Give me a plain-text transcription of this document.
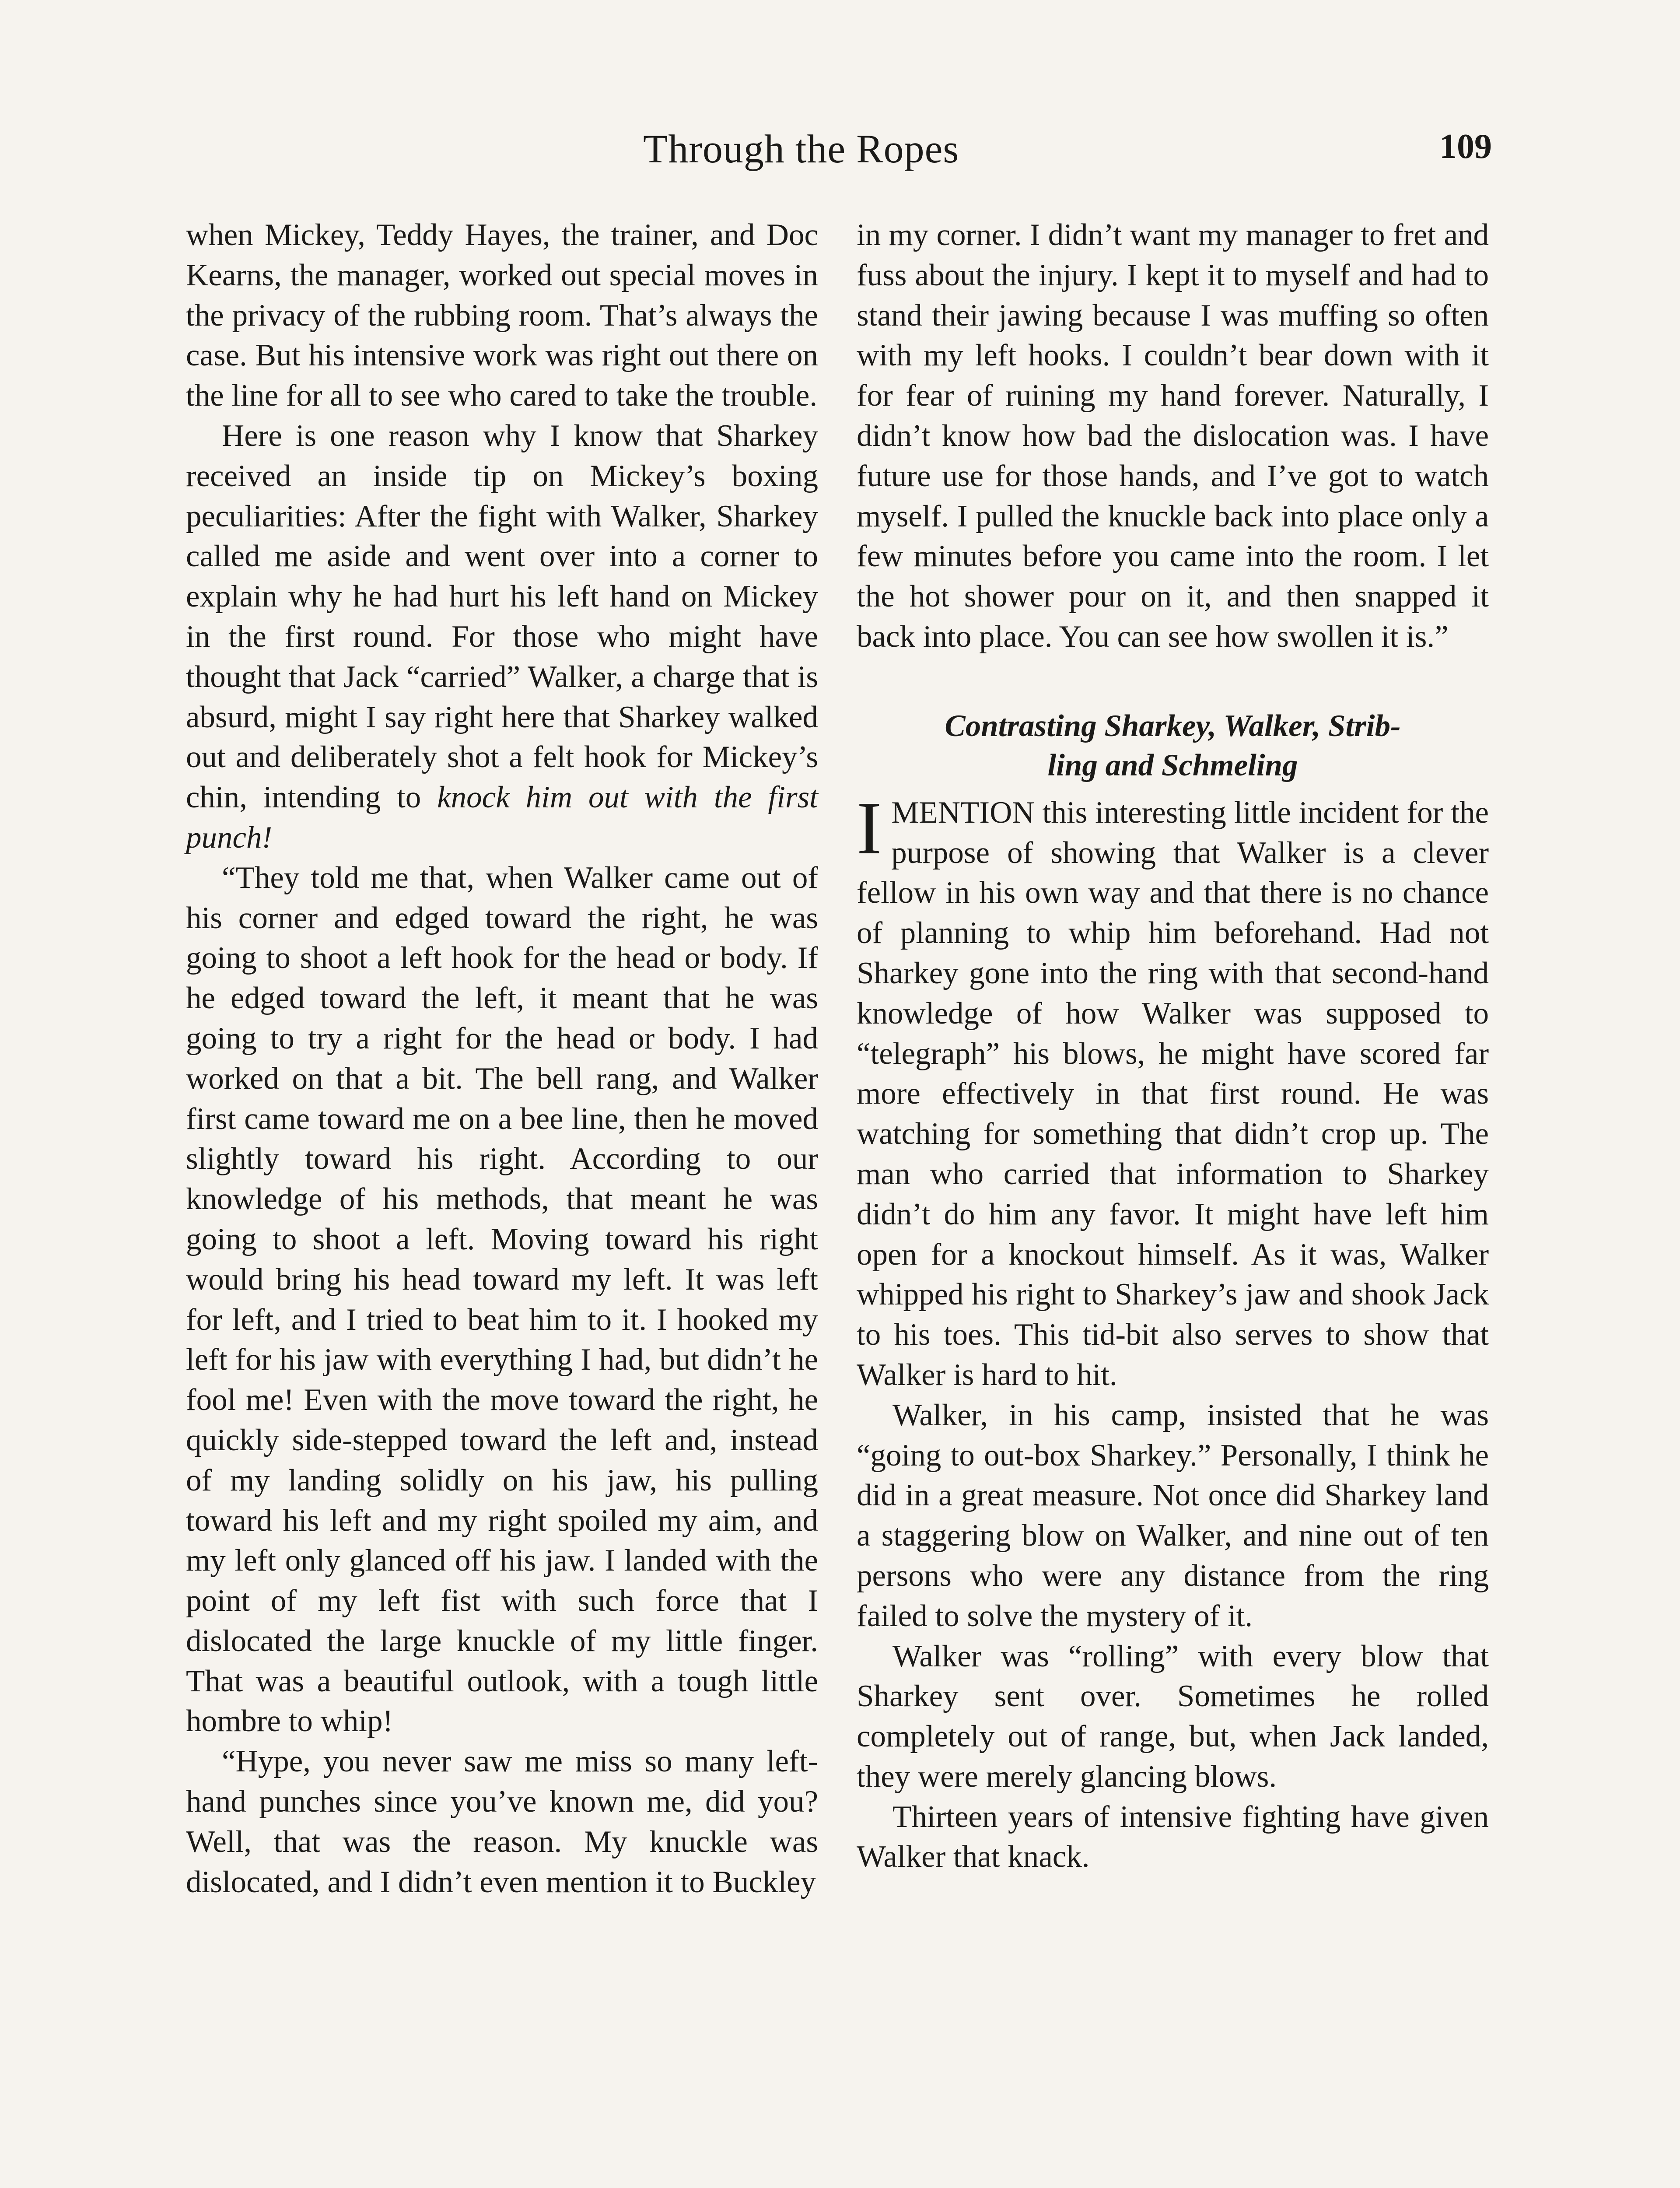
Through the Ropes	109

when Mickey, Teddy Hayes, the trainer, and Doc Kearns, the manager, worked out special moves in the privacy of the rubbing room. That’s always the case. But his intensive work was right out there on the line for all to see who cared to take the trouble.

Here is one reason why I know that Sharkey received an inside tip on Mickey’s boxing peculiarities: After the fight with Walker, Sharkey called me aside and went over into a corner to explain why he had hurt his left hand on Mickey in the first round. For those who might have thought that Jack “carried” Walker, a charge that is absurd, might I say right here that Sharkey walked out and deliberately shot a felt hook for Mickey’s chin, intending to knock him out with the first punch!

“They told me that, when Walker came out of his corner and edged toward the right, he was going to shoot a left hook for the head or body. If he edged toward the left, it meant that he was going to try a right for the head or body. I had worked on that a bit. The bell rang, and Walker first came toward me on a bee line, then he moved slightly toward his right. According to our knowledge of his methods, that meant he was going to shoot a left. Moving toward his right would bring his head toward my left. It was left for left, and I tried to beat him to it. I hooked my left for his jaw with everything I had, but didn’t he fool me! Even with the move toward the right, he quickly side-stepped toward the left and, instead of my landing solidly on his jaw, his pulling toward his left and my right spoiled my aim, and my left only glanced off his jaw. I landed with the point of my left fist with such force that I dislocated the large knuckle of my little finger. That was a beautiful outlook, with a tough little hombre to whip!

“Hype, you never saw me miss so many left-hand punches since you’ve known me, did you? Well, that was the reason. My knuckle was dislocated, and I didn’t even mention it to Buckley

in my corner. I didn’t want my manager to fret and fuss about the injury. I kept it to myself and had to stand their jawing because I was muffing so often with my left hooks. I couldn’t bear down with it for fear of ruining my hand forever. Naturally, I didn’t know how bad the dislocation was. I have future use for those hands, and I’ve got to watch myself. I pulled the knuckle back into place only a few minutes before you came into the room. I let the hot shower pour on it, and then snapped it back into place. You can see how swollen it is.”

Contrasting Sharkey, Walker, Strib-
ling and Schmeling

IMENTION this interesting little incident for the purpose of showing that Walker is a clever fellow in his own way and that there is no chance of planning to whip him beforehand. Had not Sharkey gone into the ring with that second-hand knowledge of how Walker was supposed to “telegraph” his blows, he might have scored far more effectively in that first round. He was watching for something that didn’t crop up. The man who carried that information to Sharkey didn’t do him any favor. It might have left him open for a knockout himself. As it was, Walker whipped his right to Sharkey’s jaw and shook Jack to his toes. This tid-bit also serves to show that Walker is hard to hit.

Walker, in his camp, insisted that he was “going to out-box Sharkey.” Personally, I think he did in a great measure. Not once did Sharkey land a staggering blow on Walker, and nine out of ten persons who were any distance from the ring failed to solve the mystery of it.

Walker was “rolling” with every blow that Sharkey sent over. Sometimes he rolled completely out of range, but, when Jack landed, they were merely glancing blows.

Thirteen years of intensive fighting have given Walker that knack.
